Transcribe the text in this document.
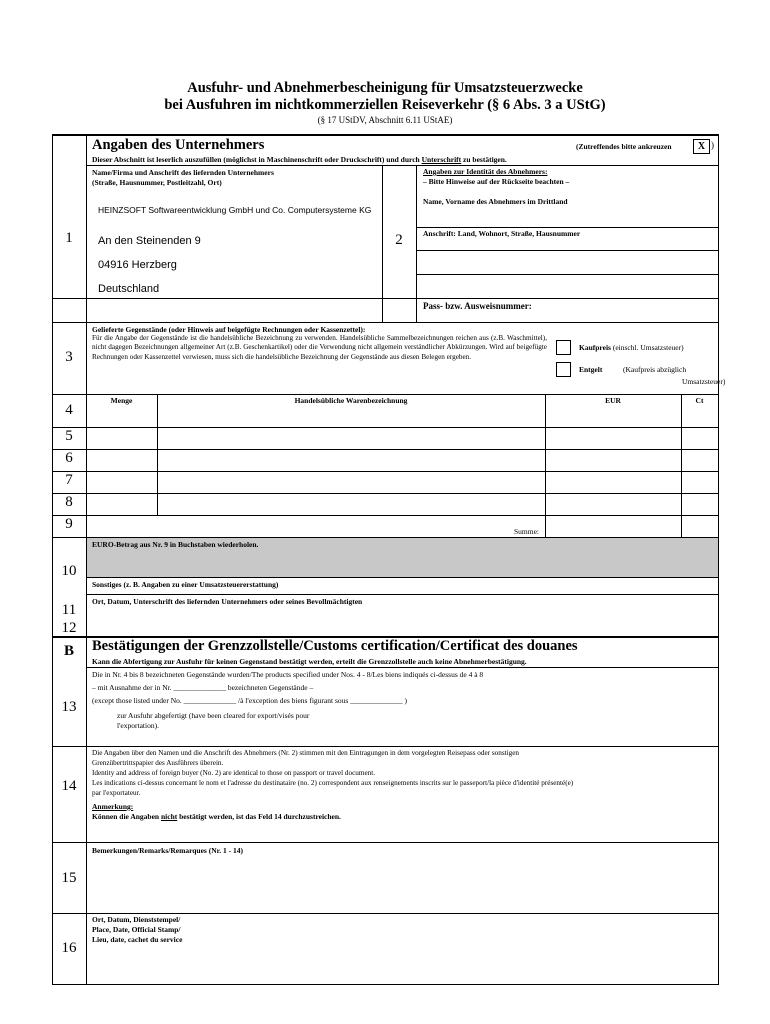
Ausfuhr- und Abnehmerbescheinigung für Umsatzsteuerzwecke
bei Ausfuhren im nichtkommerziellen Reiseverkehr (§ 6 Abs. 3 a UStG)
(§ 17 UStDV, Abschnitt 6.11 UStAE)
Angaben des Unternehmers	(Zutreffendes bitte ankreuzen	X )
Dieser Abschnitt ist leserlich auszufüllen (möglichst in Maschinenschrift oder Druckschrift) und durch Unterschrift zu bestätigen.
Name/Firma und Anschrift des liefernden Unternehmers
(Straße, Hausnummer, Postleitzahl, Ort)
HEINZSOFT Softwareentwicklung GmbH und Co. Computersysteme KG
An den Steinenden 9
04916 Herzberg
Deutschland
1	2
Angaben zur Identität des Abnehmers:
– Bitte Hinweise auf der Rückseite beachten –
Name, Vorname des Abnehmers im Drittland
Anschrift: Land, Wohnort, Straße, Hausnummer
Pass- bzw. Ausweisnummer:
3
Gelieferte Gegenstände (oder Hinweis auf beigefügte Rechnungen oder Kassenzettel):
Für die Angabe der Gegenstände ist die handelsübliche Bezeichnung zu verwenden. Handelsübliche Sammelbezeichnungen reichen aus (z.B. Waschmittel), nicht dagegen Bezeichnungen allgemeiner Art (z.B. Geschenkartikel) oder die Verwendung nicht allgemein verständlicher Abkürzungen. Wird auf beigefügte Rechnungen oder Kassenzettel verwiesen, muss sich die handelsübliche Bezeichnung der Gegenstände aus diesen Belegen ergeben.
Kaufpreis (einschl. Umsatzsteuer)
Entgelt	(Kaufpreis abzüglich
Umsatzsteuer)
Menge	Handelsübliche Warenbezeichnung	EUR	Ct
4
5
6
7
8
9	Summe:
EURO-Betrag aus Nr. 9 in Buchstaben wiederholen.
10
Sonstiges (z. B. Angaben zu einer Umsatzsteuererstattung)
11
12
Ort, Datum, Unterschrift des liefernden Unternehmers oder seines Bevollmächtigten
B	Bestätigungen der Grenzzollstelle/Customs certification/Certificat des douanes
Kann die Abfertigung zur Ausfuhr für keinen Gegenstand bestätigt werden, erteilt die Grenzzollstelle auch keine Abnehmerbestätigung.
13
Die in Nr. 4 bis 8 bezeichneten Gegenstände wurden/The products specified under Nos. 4 - 8/Les biens indiqués ci-dessus de 4 à 8
– mit Ausnahme der in Nr. ______________ bezeichneten Gegenstände –
(except those listed under No. ______________ /à l'exception des biens figurant sous ______________ )
zur Ausfuhr abgefertigt (have been cleared for export/visés pour
l'exportation).
14
Die Angaben über den Namen und die Anschrift des Abnehmers (Nr. 2) stimmen mit den Eintragungen in dem vorgelegten Reisepass oder sonstigen
Grenzübertrittspapier des Ausführers überein.
Identity and address of foreign buyer (No. 2) are identical to those on passport or travel document.
Les indications ci-dessus concernant le nom et l'adresse du destinataire (no. 2) correspondent aux renseignements inscrits sur le passeport/la pièce d'identité présenté(e)
par l'exportateur.
Anmerkung:
Können die Angaben nicht bestätigt werden, ist das Feld 14 durchzustreichen.
15
Bemerkungen/Remarks/Remarques (Nr. 1 - 14)
16
Ort, Datum, Dienststempel/
Place, Date, Official Stamp/
Lieu, date, cachet du service
